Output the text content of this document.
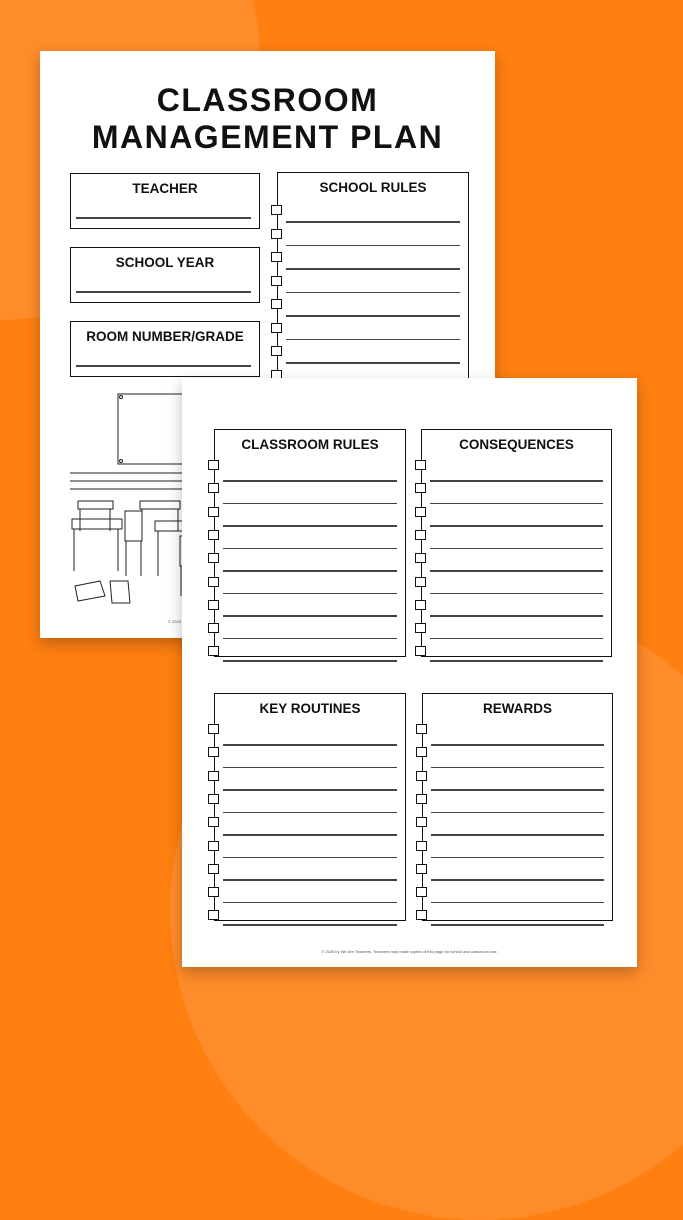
CLASSROOM
MANAGEMENT PLAN
TEACHER
SCHOOL YEAR
ROOM NUMBER/GRADE
SCHOOL RULES
© 2025
CLASSROOM RULES	CONSEQUENCES
KEY ROUTINES	REWARDS
© 2025 by We Are Teachers. Teachers may make copies of this page for school and classroom use.
